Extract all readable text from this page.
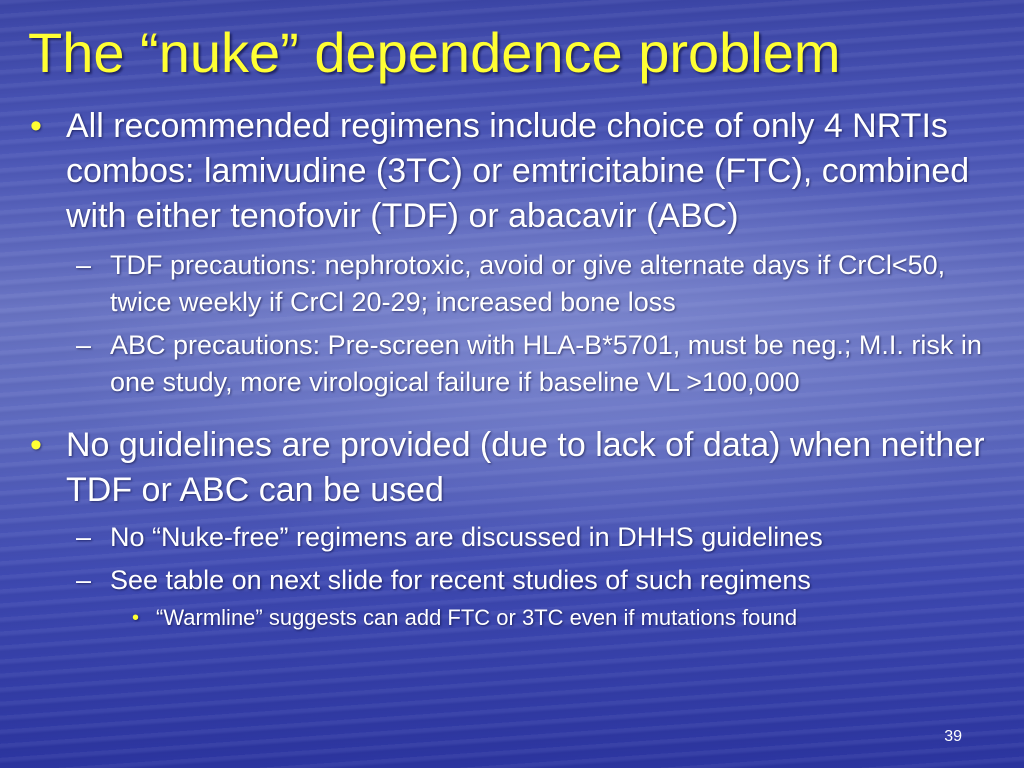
The “nuke” dependence problem
• All recommended regimens include choice of only 4 NRTIs combos: lamivudine (3TC) or emtricitabine (FTC), combined with either tenofovir (TDF) or abacavir (ABC)
– TDF precautions: nephrotoxic, avoid or give alternate days if CrCl<50, twice weekly if CrCl 20-29; increased bone loss
– ABC precautions: Pre-screen with HLA-B*5701, must be neg.; M.I. risk in one study, more virological failure if baseline VL >100,000
• No guidelines are provided (due to lack of data) when neither TDF or ABC can be used
– No “Nuke-free” regimens are discussed in DHHS guidelines
– See table on next slide for recent studies of such regimens
• “Warmline” suggests can add FTC or 3TC even if mutations found
39
